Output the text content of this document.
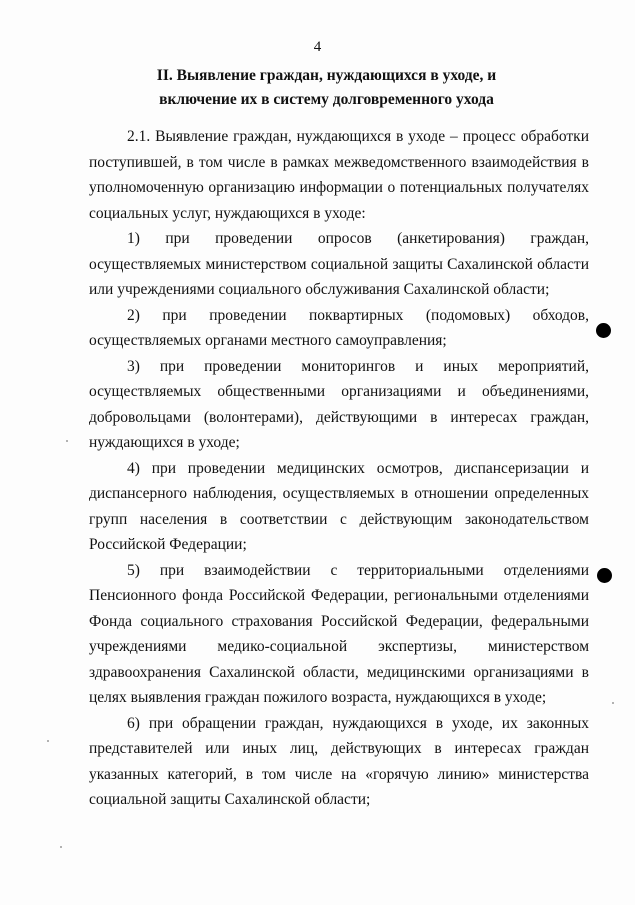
4
II. Выявление граждан, нуждающихся в уходе, и
включение их в систему долговременного ухода

2.1. Выявление граждан, нуждающихся в уходе – процесс обработки поступившей, в том числе в рамках межведомственного взаимодействия в уполномоченную организацию информации о потенциальных получателях социальных услуг, нуждающихся в уходе:

1) при проведении опросов (анкетирования) граждан, осуществляемых министерством социальной защиты Сахалинской области или учреждениями социального обслуживания Сахалинской области;

2) при проведении поквартирных (подомовых) обходов, осуществляемых органами местного самоуправления;

3) при проведении мониторингов и иных мероприятий, осуществляемых общественными организациями и объединениями, добровольцами (волонтерами), действующими в интересах граждан, нуждающихся в уходе;

4) при проведении медицинских осмотров, диспансеризации и диспансерного наблюдения, осуществляемых в отношении определенных групп населения в соответствии с действующим законодательством Российской Федерации;

5) при взаимодействии с территориальными отделениями Пенсионного фонда Российской Федерации, региональными отделениями Фонда социального страхования Российской Федерации, федеральными учреждениями медико-социальной экспертизы, министерством здравоохранения Сахалинской области, медицинскими организациями в целях выявления граждан пожилого возраста, нуждающихся в уходе;

6) при обращении граждан, нуждающихся в уходе, их законных представителей или иных лиц, действующих в интересах граждан указанных категорий, в том числе на «горячую линию» министерства социальной защиты Сахалинской области;
